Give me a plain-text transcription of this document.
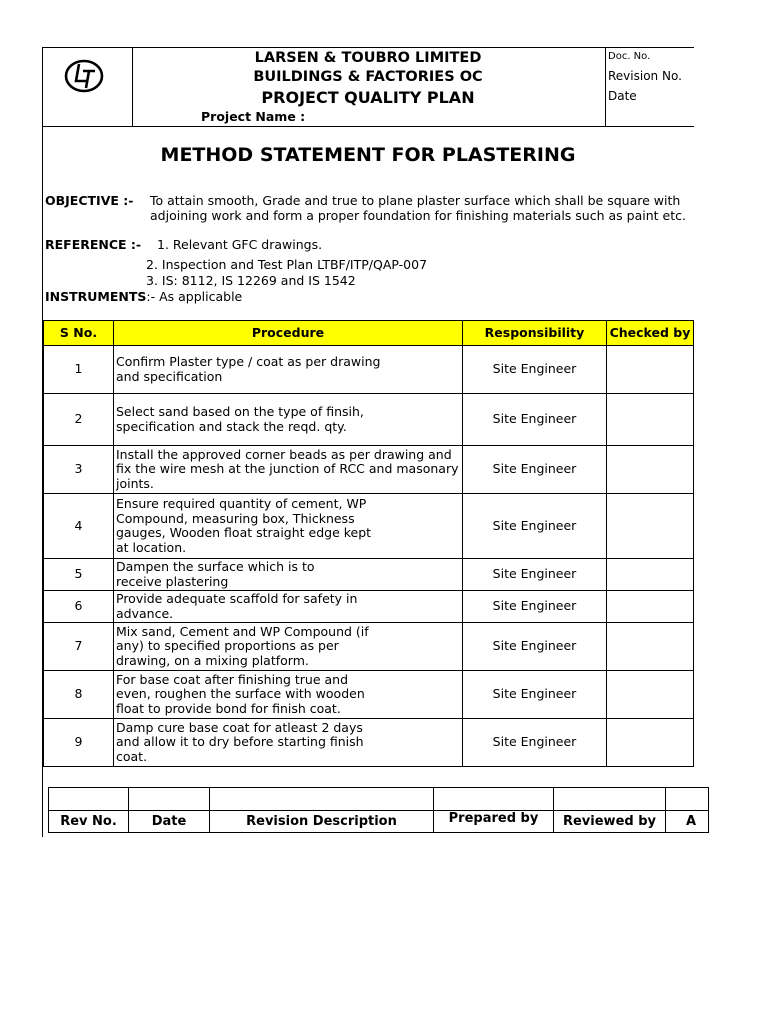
LARSEN & TOUBRO LIMITED
BUILDINGS & FACTORIES OC
PROJECT QUALITY PLAN
Project Name :
Doc. No.
Revision No.
Date
METHOD STATEMENT FOR PLASTERING
OBJECTIVE :- To attain smooth, Grade and true to plane plaster surface which shall be square with
adjoining work and form a proper foundation for finishing materials such as paint etc.
REFERENCE :- 1. Relevant GFC drawings.
2. Inspection and Test Plan LTBF/ITP/QAP-007
3. IS: 8112, IS 12269 and IS 1542
INSTRUMENTS:- As applicable
S No.	Procedure	Responsibility	Checked by
1	Confirm Plaster type / coat as per drawing
and specification	Site Engineer	
2	Select sand based on the type of finsih,
specification and stack the reqd. qty.	Site Engineer	
3	Install the approved corner beads as per drawing and
fix the wire mesh at the junction of RCC and masonary
joints.	Site Engineer	
4	Ensure required quantity of cement, WP
Compound, measuring box, Thickness
gauges, Wooden float straight edge kept
at location.	Site Engineer	
5	Dampen the surface which is to
receive plastering	Site Engineer	
6	Provide adequate scaffold for safety in
advance.	Site Engineer	
7	Mix sand, Cement and WP Compound (if
any) to specified proportions as per
drawing, on a mixing platform.	Site Engineer	
8	For base coat after finishing true and
even, roughen the surface with wooden
float to provide bond for finish coat.	Site Engineer	
9	Damp cure base coat for atleast 2 days
and allow it to dry before starting finish
coat.	Site Engineer	

Rev No.	Date	Revision Description	Prepared by	Reviewed by	A
